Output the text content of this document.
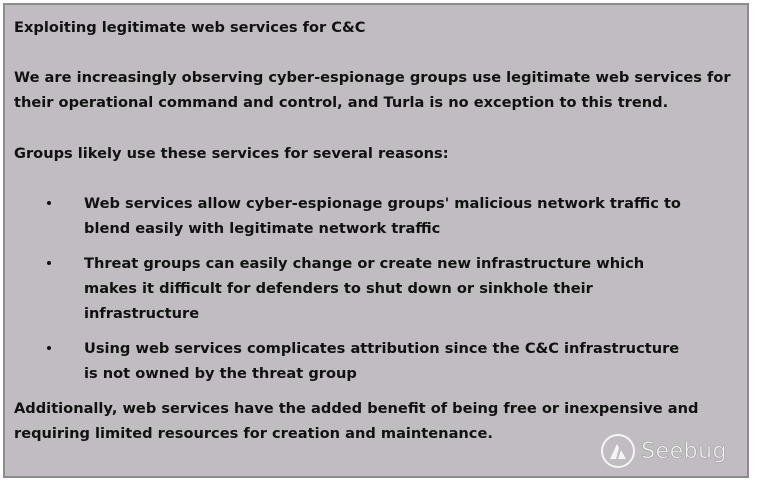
Exploiting legitimate web services for C&C

We are increasingly observing cyber-espionage groups use legitimate web services for their operational command and control, and Turla is no exception to this trend.

Groups likely use these services for several reasons:

Web services allow cyber-espionage groups' malicious network traffic to blend easily with legitimate network traffic
Threat groups can easily change or create new infrastructure which makes it difficult for defenders to shut down or sinkhole their infrastructure
Using web services complicates attribution since the C&C infrastructure is not owned by the threat group

Additionally, web services have the added benefit of being free or inexpensive and requiring limited resources for creation and maintenance.

Seebug
